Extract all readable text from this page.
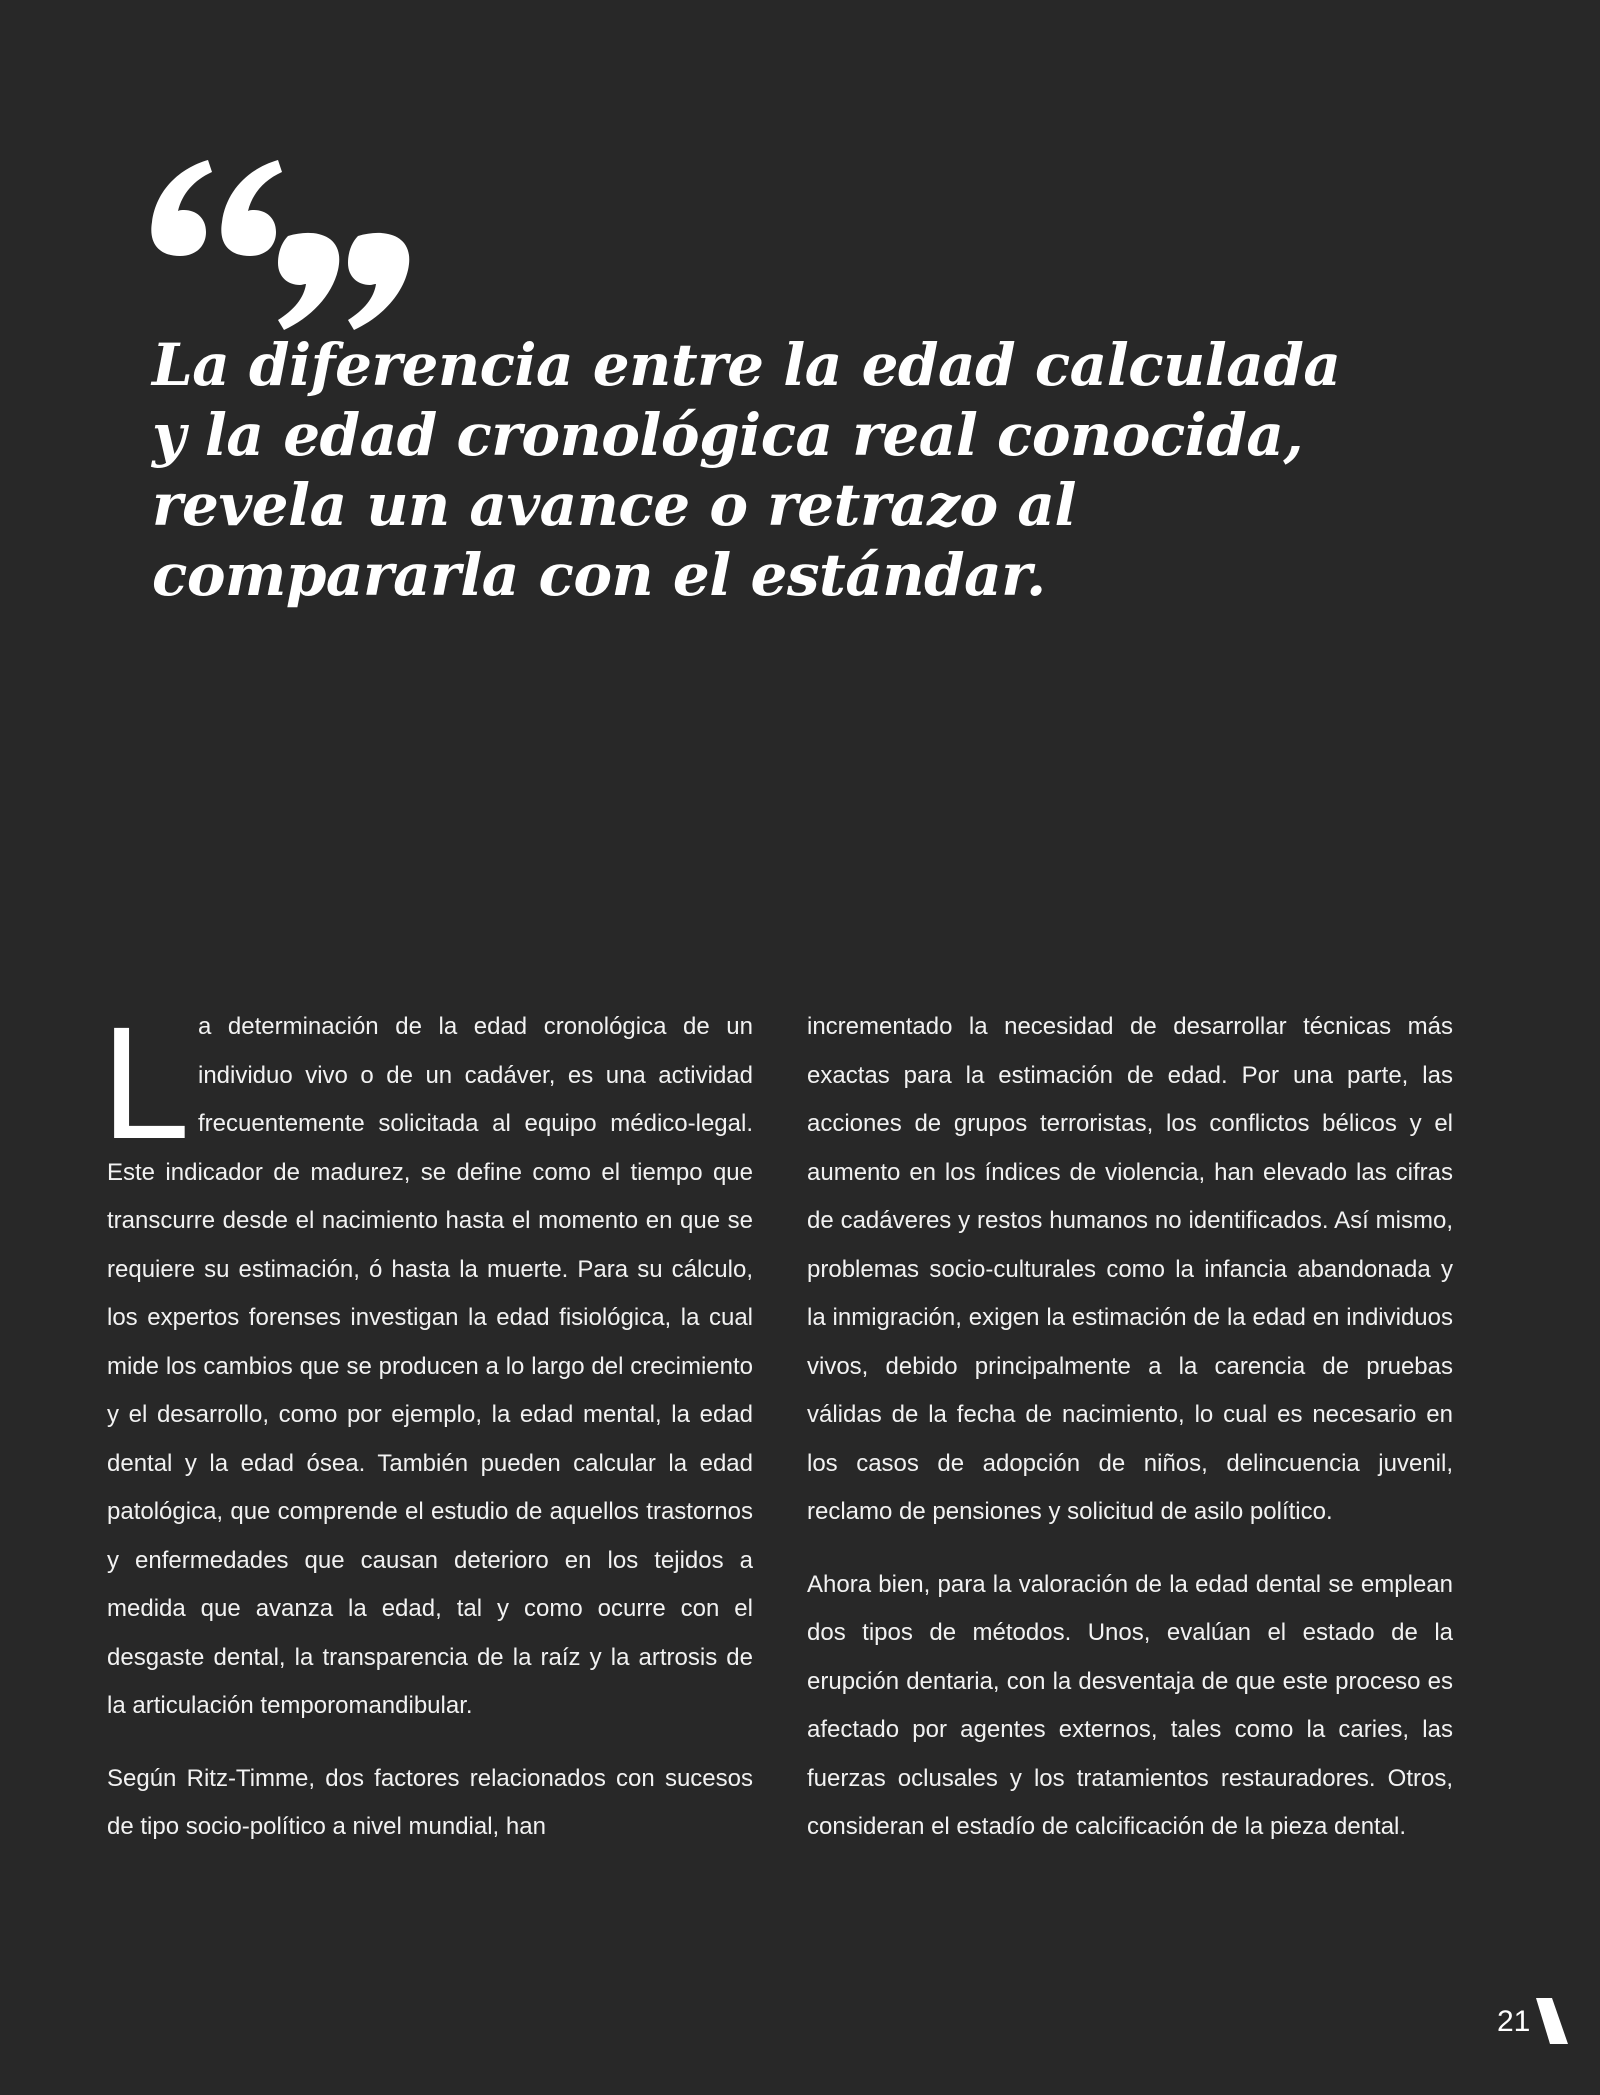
La diferencia entre la edad calculada
y la edad cronológica real conocida,
revela un avance o retrazo al
compararla con el estándar.
L a determinación de la edad cronológica de un individuo vivo o de un cadáver, es una actividad frecuentemente solicitada al equipo médico-legal. Este indicador de madurez, se define como el tiempo que transcurre desde el nacimiento hasta el momento en que se requiere su estimación, ó hasta la muerte. Para su cálculo, los expertos forenses investigan la edad fisiológica, la cual mide los cambios que se producen a lo largo del crecimiento y el desarrollo, como por ejemplo, la edad mental, la edad dental y la edad ósea. También pueden calcular la edad patológica, que comprende el estudio de aquellos trastornos y enfermedades que causan deterioro en los tejidos a medida que avanza la edad, tal y como ocurre con el desgaste dental, la transparencia de la raíz y la artrosis de la articulación temporomandibular.

Según Ritz-Timme, dos factores relacionados con sucesos de tipo socio-político a nivel mundial, han

incrementado la necesidad de desarrollar técnicas más exactas para la estimación de edad. Por una parte, las acciones de grupos terroristas, los conflictos bélicos y el aumento en los índices de violencia, han elevado las cifras de cadáveres y restos humanos no identificados. Así mismo, problemas socio-culturales como la infancia abandonada y la inmigración, exigen la estimación de la edad en individuos vivos, debido principalmente a la carencia de pruebas válidas de la fecha de nacimiento, lo cual es necesario en los casos de adopción de niños, delincuencia juvenil, reclamo de pensiones y solicitud de asilo político.

Ahora bien, para la valoración de la edad dental se emplean dos tipos de métodos. Unos, evalúan el estado de la erupción dentaria, con la desventaja de que este proceso es afectado por agentes externos, tales como la caries, las fuerzas oclusales y los tratamientos restauradores. Otros, consideran el estadío de calcificación de la pieza dental.

21
